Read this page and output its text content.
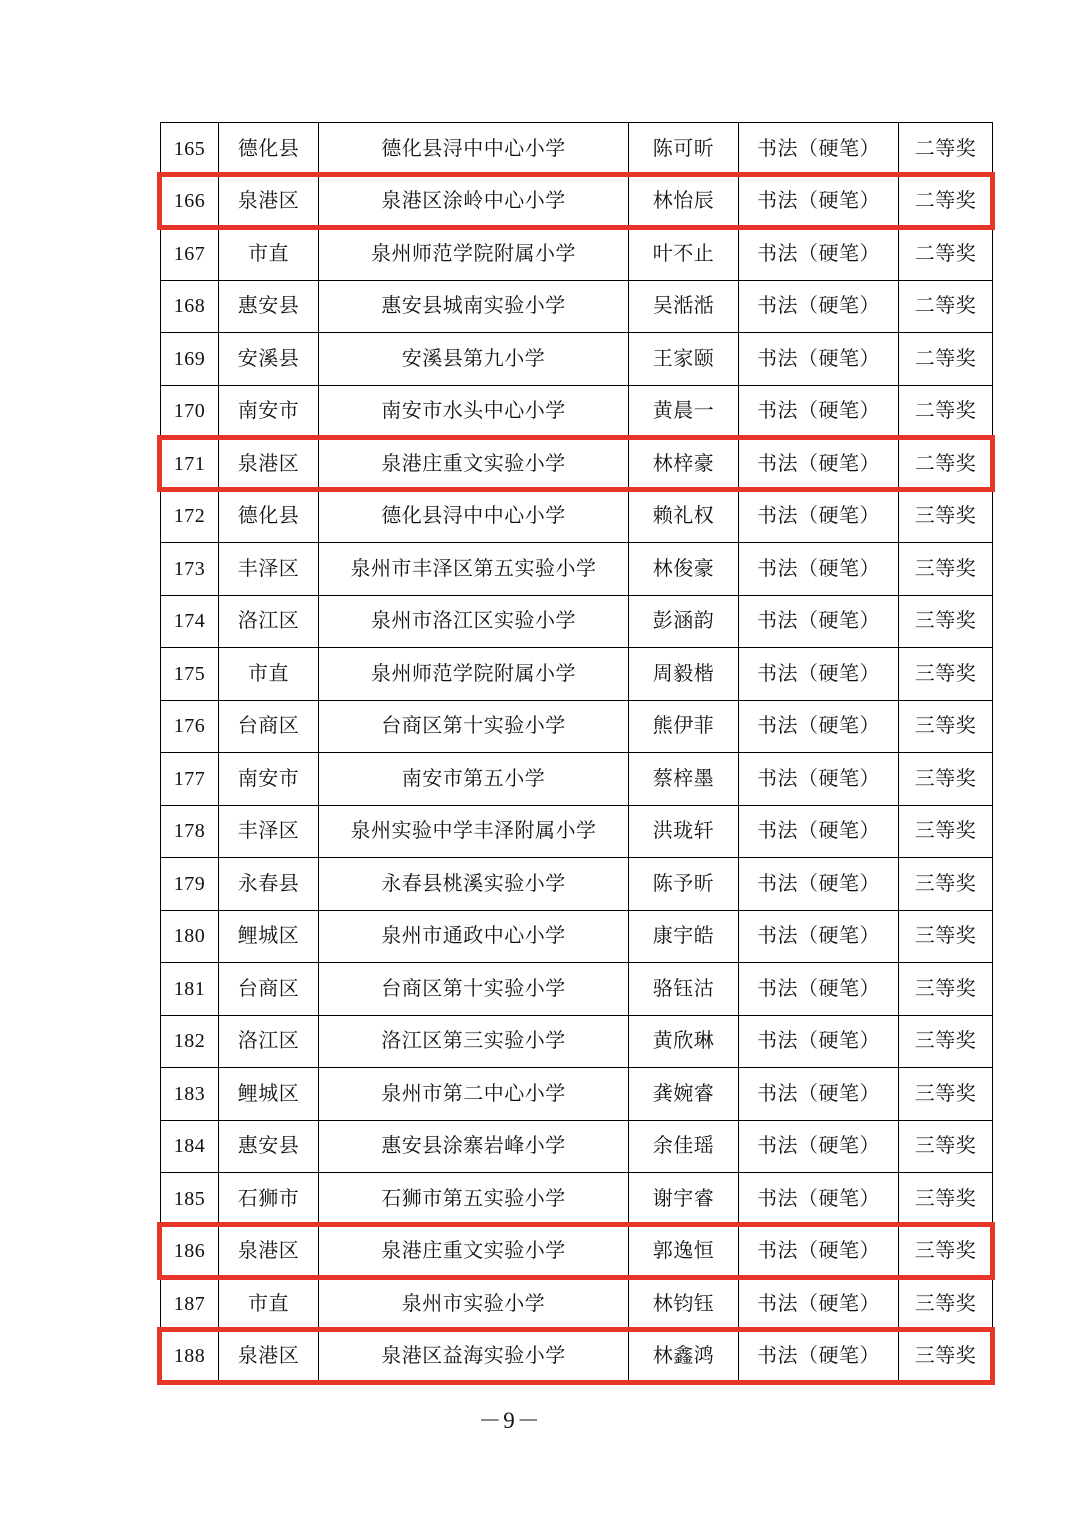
165	德化县	德化县浔中中心小学	陈可昕	书法（硬笔）	二等奖
166	泉港区	泉港区涂岭中心小学	林怡辰	书法（硬笔）	二等奖
167	市直	泉州师范学院附属小学	叶不止	书法（硬笔）	二等奖
168	惠安县	惠安县城南实验小学	吴湉湉	书法（硬笔）	二等奖
169	安溪县	安溪县第九小学	王家颐	书法（硬笔）	二等奖
170	南安市	南安市水头中心小学	黄晨一	书法（硬笔）	二等奖
171	泉港区	泉港庄重文实验小学	林梓豪	书法（硬笔）	二等奖
172	德化县	德化县浔中中心小学	赖礼权	书法（硬笔）	三等奖
173	丰泽区	泉州市丰泽区第五实验小学	林俊豪	书法（硬笔）	三等奖
174	洛江区	泉州市洛江区实验小学	彭涵韵	书法（硬笔）	三等奖
175	市直	泉州师范学院附属小学	周毅楷	书法（硬笔）	三等奖
176	台商区	台商区第十实验小学	熊伊菲	书法（硬笔）	三等奖
177	南安市	南安市第五小学	蔡梓墨	书法（硬笔）	三等奖
178	丰泽区	泉州实验中学丰泽附属小学	洪珑轩	书法（硬笔）	三等奖
179	永春县	永春县桃溪实验小学	陈予昕	书法（硬笔）	三等奖
180	鲤城区	泉州市通政中心小学	康宇皓	书法（硬笔）	三等奖
181	台商区	台商区第十实验小学	骆钰沽	书法（硬笔）	三等奖
182	洛江区	洛江区第三实验小学	黄欣琳	书法（硬笔）	三等奖
183	鲤城区	泉州市第二中心小学	龚婉睿	书法（硬笔）	三等奖
184	惠安县	惠安县涂寨岩峰小学	余佳瑶	书法（硬笔）	三等奖
185	石狮市	石狮市第五实验小学	谢宇睿	书法（硬笔）	三等奖
186	泉港区	泉港庄重文实验小学	郭逸恒	书法（硬笔）	三等奖
187	市直	泉州市实验小学	林钧钰	书法（硬笔）	三等奖
188	泉港区	泉港区益海实验小学	林鑫鸿	书法（硬笔）	三等奖
－9－
